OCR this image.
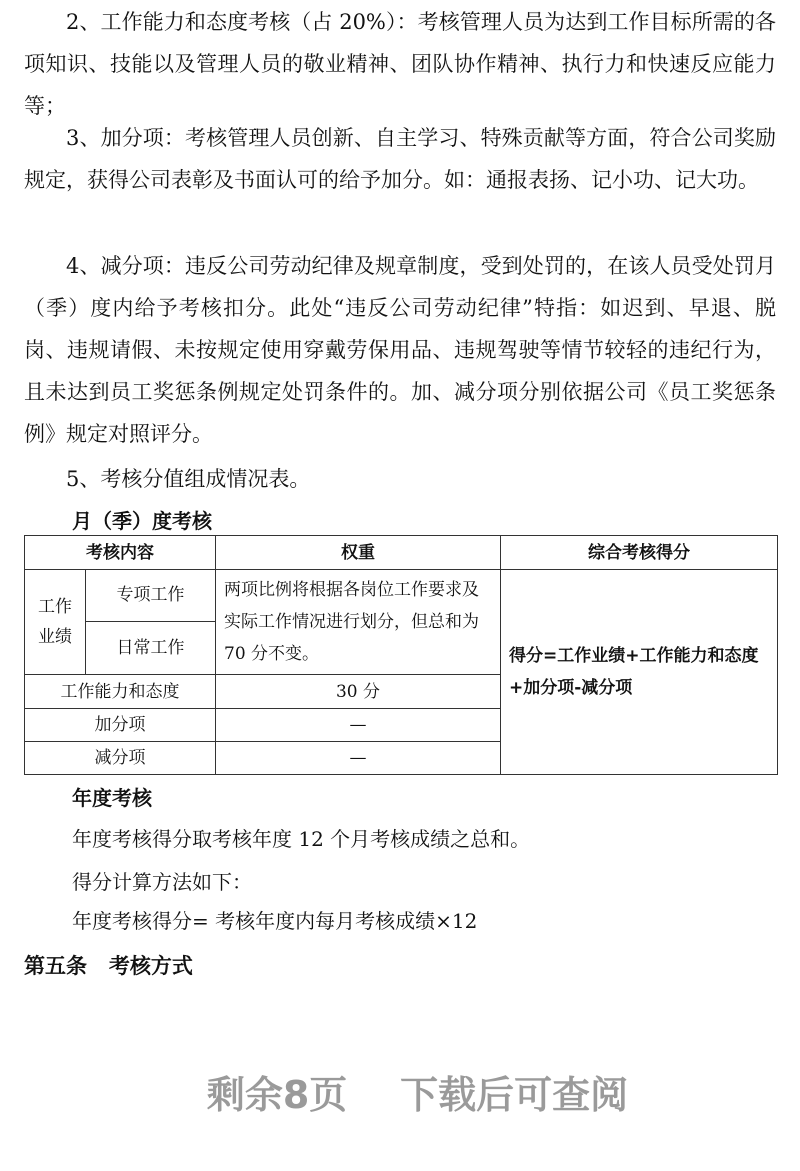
2、工作能力和态度考核（占 20%）：考核管理人员为达到工作目标所需的各项知识、技能以及管理人员的敬业精神、团队协作精神、执行力和快速反应能力等；

3、加分项：考核管理人员创新、自主学习、特殊贡献等方面，符合公司奖励规定，获得公司表彰及书面认可的给予加分。如：通报表扬、记小功、记大功。

4、减分项：违反公司劳动纪律及规章制度，受到处罚的，在该人员受处罚月（季）度内给予考核扣分。此处“违反公司劳动纪律”特指：如迟到、早退、脱岗、违规请假、未按规定使用穿戴劳保用品、违规驾驶等情节较轻的违纪行为，且未达到员工奖惩条例规定处罚条件的。加、减分项分别依据公司《员工奖惩条例》规定对照评分。

5、考核分值组成情况表。

月（季）度考核

考核内容		权重	综合考核得分
工作
业绩	专项工作	两项比例将根据各岗位工作要求及实际工作情况进行划分，但总和为 70 分不变。	得分=工作业绩+工作能力和态度+加分项-减分项
	日常工作		
工作能力和态度		30 分	
加分项		—	
减分项		—	

年度考核

年度考核得分取考核年度 12 个月考核成绩之总和。

得分计算方法如下：

年度考核得分= 考核年度内每月考核成绩×12

第五条   考核方式

剩余8页    下载后可查阅
